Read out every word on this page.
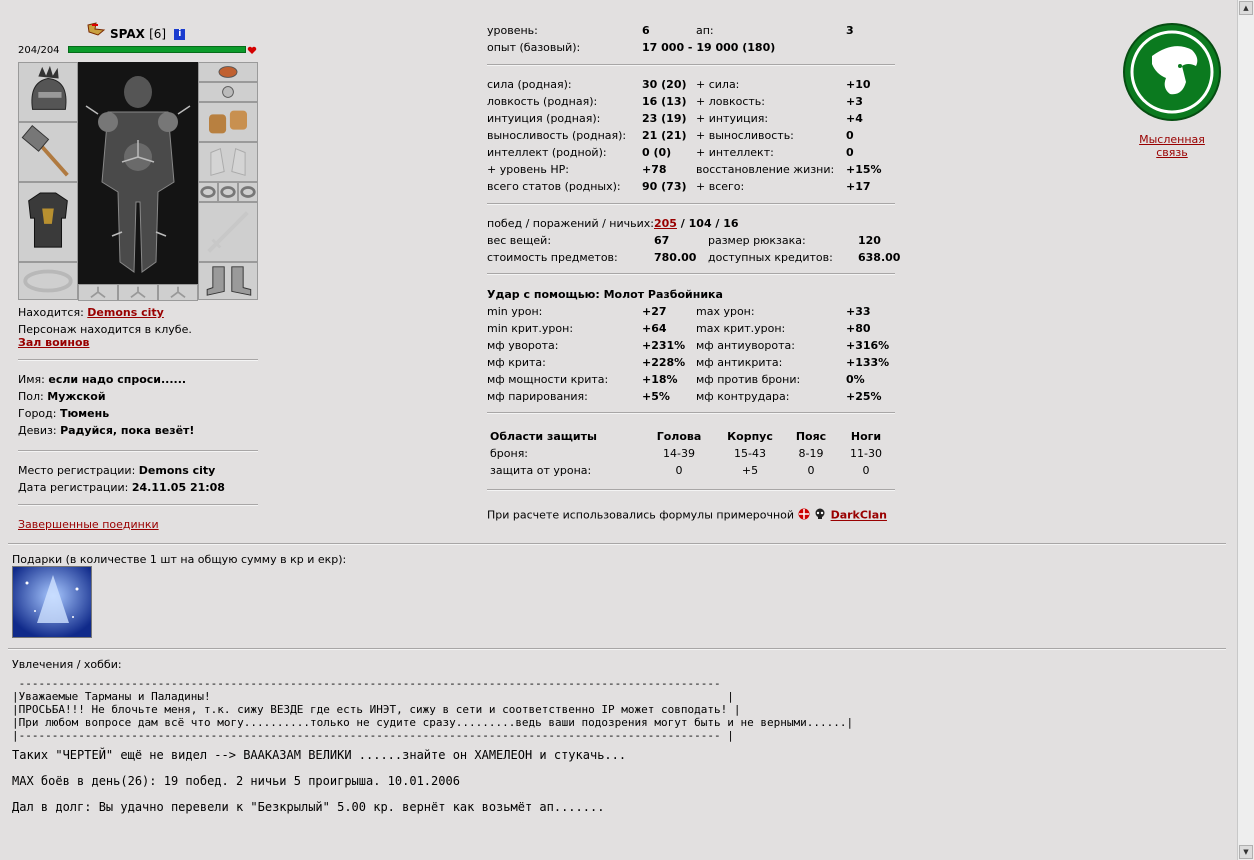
SPAX [6] i
204/204
Находится: Demons city
Персонаж находится в клубе.
Зал воинов
Имя: если надо спроси......
Пол: Мужской
Город: Тюмень
Девиз: Радуйся, пока везёт!
Место регистрации: Demons city
Дата регистрации: 24.11.05 21:08
Завершенные поединки
уровень:	6	ап:	3
опыт (базовый):	17 000 - 19 000 (180)		
сила (родная):	30 (20)	+ сила:	+10
ловкость (родная):	16 (13)	+ ловкость:	+3
интуиция (родная):	23 (19)	+ интуиция:	+4
выносливость (родная):	21 (21)	+ выносливость:	0
интеллект (родной):	0 (0)	+ интеллект:	0
+ уровень HP:	+78	восстановление жизни:	+15%
всего статов (родных):	90 (73)	+ всего:	+17
побед / поражений / ничьих:	205 / 104 / 16		
вес вещей:	67	размер рюкзака:	120
стоимость предметов:	780.00	доступных кредитов:	638.00
Удар с помощью: Молот Разбойника			
min урон:	+27	max урон:	+33
min крит.урон:	+64	max крит.урон:	+80
мф уворота:	+231%	мф антиуворота:	+316%
мф крита:	+228%	мф антикрита:	+133%
мф мощности крита:	+18%	мф против брони:	0%
мф парирования:	+5%	мф контрудара:	+25%
Области защиты	Голова	Корпус	Пояс	Ноги
броня:	14-39	15-43	8-19	11-30
защита от урона:	0	+5	0	0
При расчете использовались формулы примерочной	DarkClan
Мысленная связь
Подарки (в количестве 1 шт на общую сумму в кр и екр):
Увлечения / хобби:
----------------------------------------------------------------------------------------------------------
|Уважаемые Тарманы и Паладины!                                                                              |
|ПРОСЬБА!!! Не блочьте меня, т.к. сижу ВЕЗДЕ где есть ИНЭТ, сижу в сети и соответственно IP может совподать! |
|При любом вопросе дам всё что могу..........только не судите сразу.........ведь ваши подозрения могут быть и не верными......|
|---------------------------------------------------------------------------------------------------------- |
Таких "ЧЕРТЕЙ" ещё не видел --> ВААКАЗАМ ВЕЛИКИ ......знайте он ХАМЕЛЕОН и стукачь...
MAX боёв в день(26): 19 побед. 2 ничьи 5 проигрыша. 10.01.2006
Дал в долг: Вы удачно перевели к "Безкрылый" 5.00 кр. вернёт как возьмёт ап.......
▲
▼
